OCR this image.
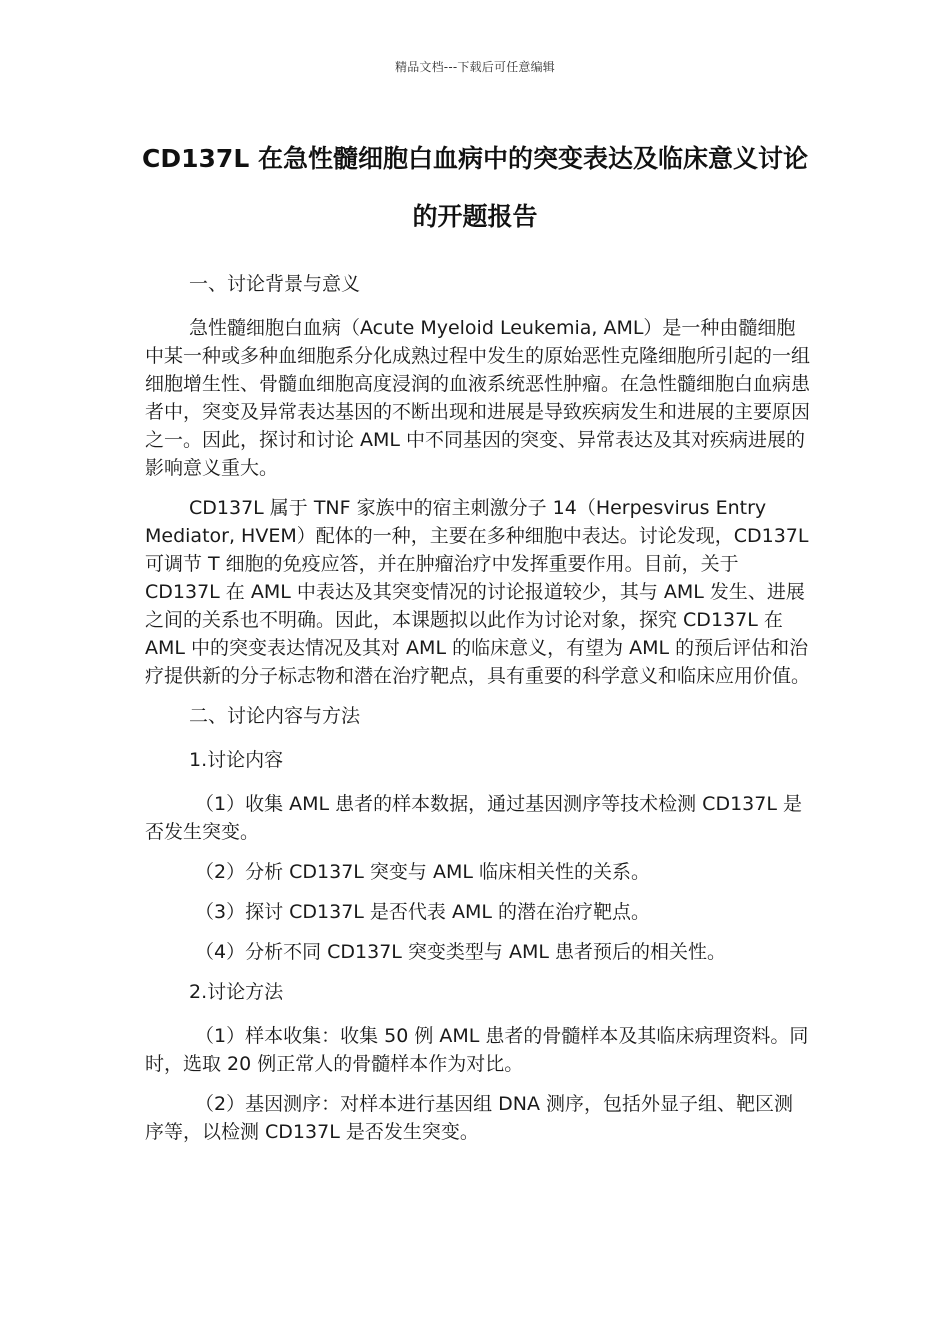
精品文档---下载后可任意编辑
CD137L 在急性髓细胞白血病中的突变表达及临床意义讨论的开题报告

一、讨论背景与意义

急性髓细胞白血病（Acute Myeloid Leukemia, AML）是一种由髓细胞中某一种或多种血细胞系分化成熟过程中发生的原始恶性克隆细胞所引起的一组细胞增生性、骨髓血细胞高度浸润的血液系统恶性肿瘤。在急性髓细胞白血病患者中，突变及异常表达基因的不断出现和进展是导致疾病发生和进展的主要原因之一。因此，探讨和讨论 AML 中不同基因的突变、异常表达及其对疾病进展的影响意义重大。

CD137L 属于 TNF 家族中的宿主刺激分子 14（Herpesvirus Entry Mediator, HVEM）配体的一种，主要在多种细胞中表达。讨论发现，CD137L 可调节 T 细胞的免疫应答，并在肿瘤治疗中发挥重要作用。目前，关于 CD137L 在 AML 中表达及其突变情况的讨论报道较少，其与 AML 发生、进展之间的关系也不明确。因此，本课题拟以此作为讨论对象，探究 CD137L 在 AML 中的突变表达情况及其对 AML 的临床意义，有望为 AML 的预后评估和治疗提供新的分子标志物和潜在治疗靶点，具有重要的科学意义和临床应用价值。

二、讨论内容与方法

1.讨论内容

（1）收集 AML 患者的样本数据，通过基因测序等技术检测 CD137L 是否发生突变。

（2）分析 CD137L 突变与 AML 临床相关性的关系。

（3）探讨 CD137L 是否代表 AML 的潜在治疗靶点。

（4）分析不同 CD137L 突变类型与 AML 患者预后的相关性。

2.讨论方法

（1）样本收集：收集 50 例 AML 患者的骨髓样本及其临床病理资料。同时，选取 20 例正常人的骨髓样本作为对比。

（2）基因测序：对样本进行基因组 DNA 测序，包括外显子组、靶区测序等，以检测 CD137L 是否发生突变。
